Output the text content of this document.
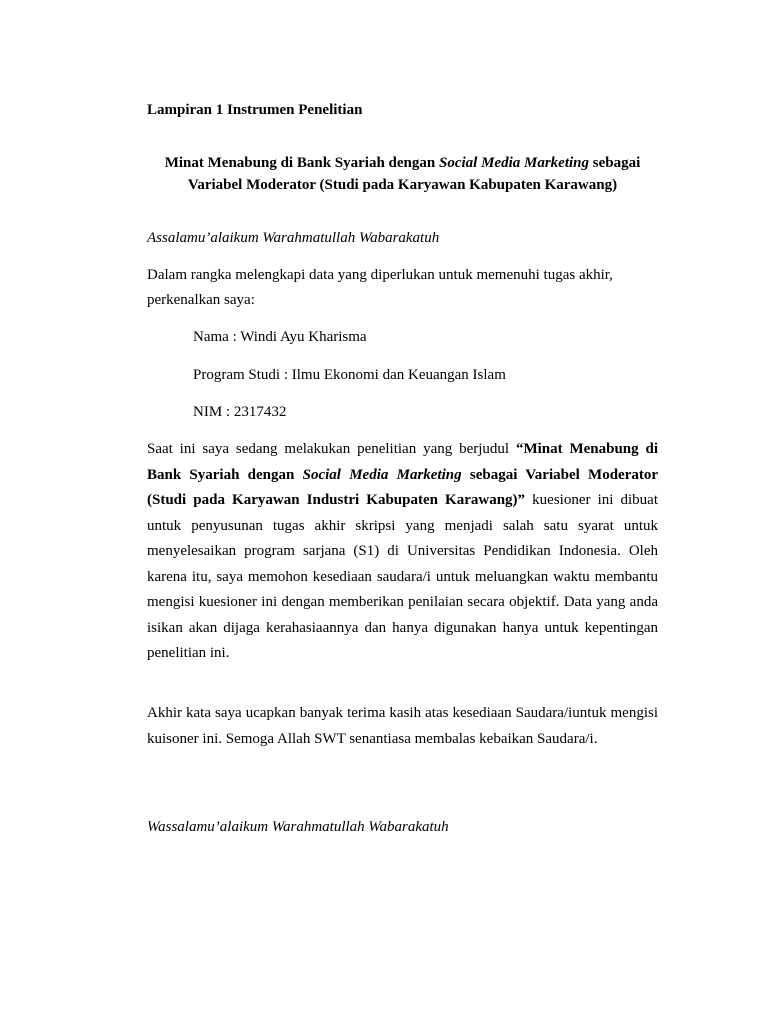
Lampiran 1 Instrumen Penelitian
Minat Menabung di Bank Syariah dengan Social Media Marketing sebagai
Variabel Moderator (Studi pada Karyawan Kabupaten Karawang)
Assalamu’alaikum Warahmatullah Wabarakatuh
Dalam rangka melengkapi data yang diperlukan untuk memenuhi tugas akhir,
perkenalkan saya:
Nama : Windi Ayu Kharisma
Program Studi : Ilmu Ekonomi dan Keuangan Islam
NIM : 2317432
Saat ini saya sedang melakukan penelitian yang berjudul “Minat Menabung di Bank Syariah dengan Social Media Marketing sebagai Variabel Moderator (Studi pada Karyawan Industri Kabupaten Karawang)” kuesioner ini dibuat untuk penyusunan tugas akhir skripsi yang menjadi salah satu syarat untuk menyelesaikan program sarjana (S1) di Universitas Pendidikan Indonesia. Oleh karena itu, saya memohon kesediaan saudara/i untuk meluangkan waktu membantu mengisi kuesioner ini dengan memberikan penilaian secara objektif. Data yang anda isikan akan dijaga kerahasiaannya dan hanya digunakan hanya untuk kepentingan penelitian ini.
Akhir kata saya ucapkan banyak terima kasih atas kesediaan Saudara/iuntuk mengisi kuisoner ini. Semoga Allah SWT senantiasa membalas kebaikan Saudara/i.
Wassalamu’alaikum Warahmatullah Wabarakatuh
